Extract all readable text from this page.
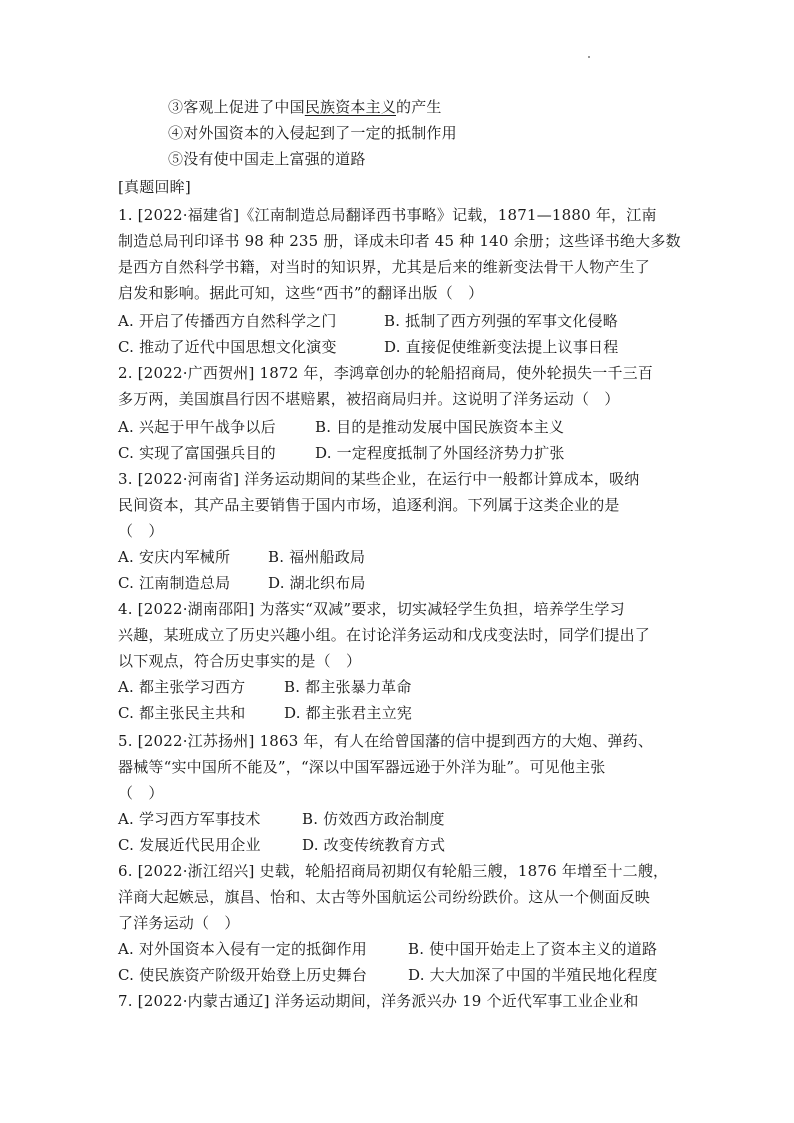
③客观上促进了中国民族资本主义的产生
④对外国资本的入侵起到了一定的抵制作用
⑤没有使中国走上富强的道路
[真题回眸]
1. [2022·福建省]《江南制造总局翻译西书事略》记载，1871—1880 年，江南
制造总局刊印译书 98 种 235 册，译成未印者 45 种 140 余册；这些译书绝大多数
是西方自然科学书籍，对当时的知识界，尤其是后来的维新变法骨干人物产生了
启发和影响。据此可知，这些“西书”的翻译出版（　）
A. 开启了传播西方自然科学之门	B. 抵制了西方列强的军事文化侵略
C. 推动了近代中国思想文化演变	D. 直接促使维新变法提上议事日程
2. [2022·广西贺州] 1872 年，李鸿章创办的轮船招商局，使外轮损失一千三百
多万两，美国旗昌行因不堪赔累，被招商局归并。这说明了洋务运动（　）
A. 兴起于甲午战争以后	B. 目的是推动发展中国民族资本主义
C. 实现了富国强兵目的	D. 一定程度抵制了外国经济势力扩张
3. [2022·河南省] 洋务运动期间的某些企业，在运行中一般都计算成本，吸纳
民间资本，其产品主要销售于国内市场，追逐利润。下列属于这类企业的是
（　）
A. 安庆内军械所	B. 福州船政局
C. 江南制造总局	D. 湖北织布局
4. [2022·湖南邵阳] 为落实“双减”要求，切实减轻学生负担，培养学生学习
兴趣，某班成立了历史兴趣小组。在讨论洋务运动和戊戌变法时，同学们提出了
以下观点，符合历史事实的是（　）
A. 都主张学习西方	B. 都主张暴力革命
C. 都主张民主共和	D. 都主张君主立宪
5. [2022·江苏扬州] 1863 年，有人在给曾国藩的信中提到西方的大炮、弹药、
器械等“实中国所不能及”，“深以中国军器远逊于外洋为耻”。可见他主张
（　）
A. 学习西方军事技术	B. 仿效西方政治制度
C. 发展近代民用企业	D. 改变传统教育方式
6. [2022·浙江绍兴] 史载，轮船招商局初期仅有轮船三艘，1876 年增至十二艘，
洋商大起嫉忌，旗昌、怡和、太古等外国航运公司纷纷跌价。这从一个侧面反映
了洋务运动（　）
A. 对外国资本入侵有一定的抵御作用	B. 使中国开始走上了资本主义的道路
C. 使民族资产阶级开始登上历史舞台	D. 大大加深了中国的半殖民地化程度
7. [2022·内蒙古通辽] 洋务运动期间，洋务派兴办 19 个近代军事工业企业和
